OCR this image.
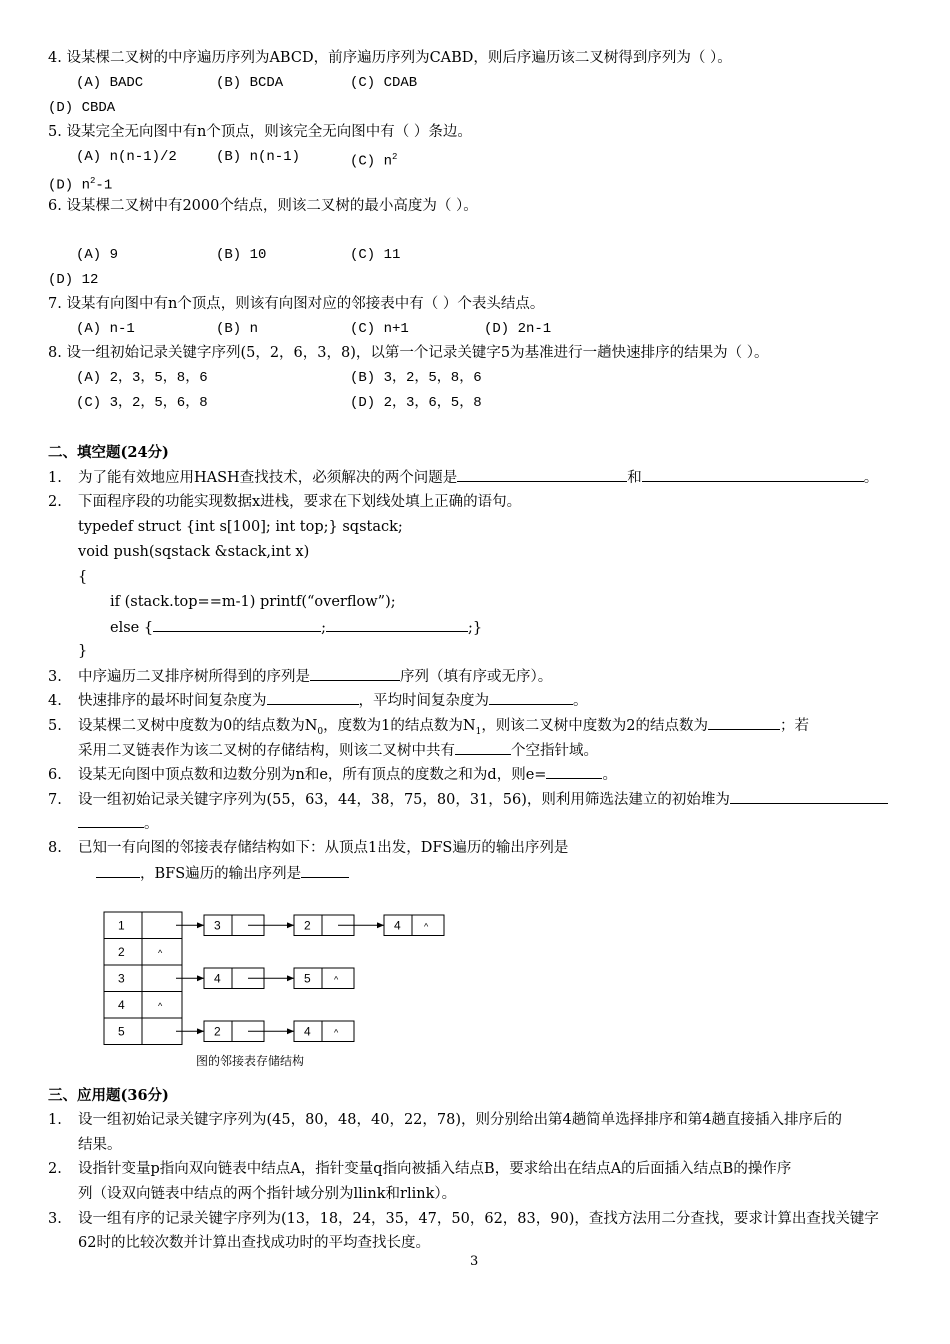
4. 设某棵二叉树的中序遍历序列为ABCD，前序遍历序列为CABD，则后序遍历该二叉树得到序列为（ ）。
(A) BADC	(B) BCDA	(C) CDAB
(D) CBDA
5. 设某完全无向图中有n个顶点，则该完全无向图中有（ ）条边。
(A) n(n-1)/2	(B) n(n-1)	(C) $n^2$
(D) $n^2-1$
6. 设某棵二叉树中有2000个结点，则该二叉树的最小高度为（ ）。
(A) 9	(B) 10	(C) 11
(D) 12
7. 设某有向图中有n个顶点，则该有向图对应的邻接表中有（ ）个表头结点。
(A) n-1	(B) n	(C) n+1	(D) 2n-1
8. 设一组初始记录关键字序列(5，2，6，3，8)，以第一个记录关键字5为基准进行一趟快速排序的结果为（ ）。
(A) 2，3，5，8，6	(B) 3，2，5，8，6
(C) 3，2，5，6，8	(D) 2，3，6，5，8
二、填空题(24分)
1. 为了能有效地应用HASH查找技术，必须解决的两个问题是	和	。
2. 下面程序段的功能实现数据x进栈，要求在下划线处填上正确的语句。
typedef struct {int s[100]; int top;} sqstack;
void push(sqstack &stack,int x)
{
if (stack.top==m-1) printf(“overflow”);
else {	;	;}
}
3. 中序遍历二叉排序树所得到的序列是	序列（填有序或无序）。
4. 快速排序的最坏时间复杂度为	，平均时间复杂度为	。
5. 设某棵二叉树中度数为0的结点数为$N_0$，度数为1的结点数为$N_1$，则该二叉树中度数为2的结点数为	；若
采用二叉链表作为该二叉树的存储结构，则该二叉树中共有	个空指针域。
6. 设某无向图中顶点数和边数分别为n和e，所有顶点的度数之和为d，则e=	。
7. 设一组初始记录关键字序列为(55，63，44，38，75，80，31，56)，则利用筛选法建立的初始堆为
。
8. 已知一有向图的邻接表存储结构如下：从顶点1出发，DFS遍历的输出序列是
，BFS遍历的输出序列是
1	3	2	4	^
2	^
3	4	5	^
4	^
5	2	4	^
图的邻接表存储结构
三、应用题(36分)
1. 设一组初始记录关键字序列为(45，80，48，40，22，78)，则分别给出第4趟简单选择排序和第4趟直接插入排序后的
结果。
2. 设指针变量p指向双向链表中结点A，指针变量q指向被插入结点B，要求给出在结点A的后面插入结点B的操作序
列（设双向链表中结点的两个指针域分别为llink和rlink）。
3. 设一组有序的记录关键字序列为(13，18，24，35，47，50，62，83，90)，查找方法用二分查找，要求计算出查找关键字
62时的比较次数并计算出查找成功时的平均查找长度。
3
